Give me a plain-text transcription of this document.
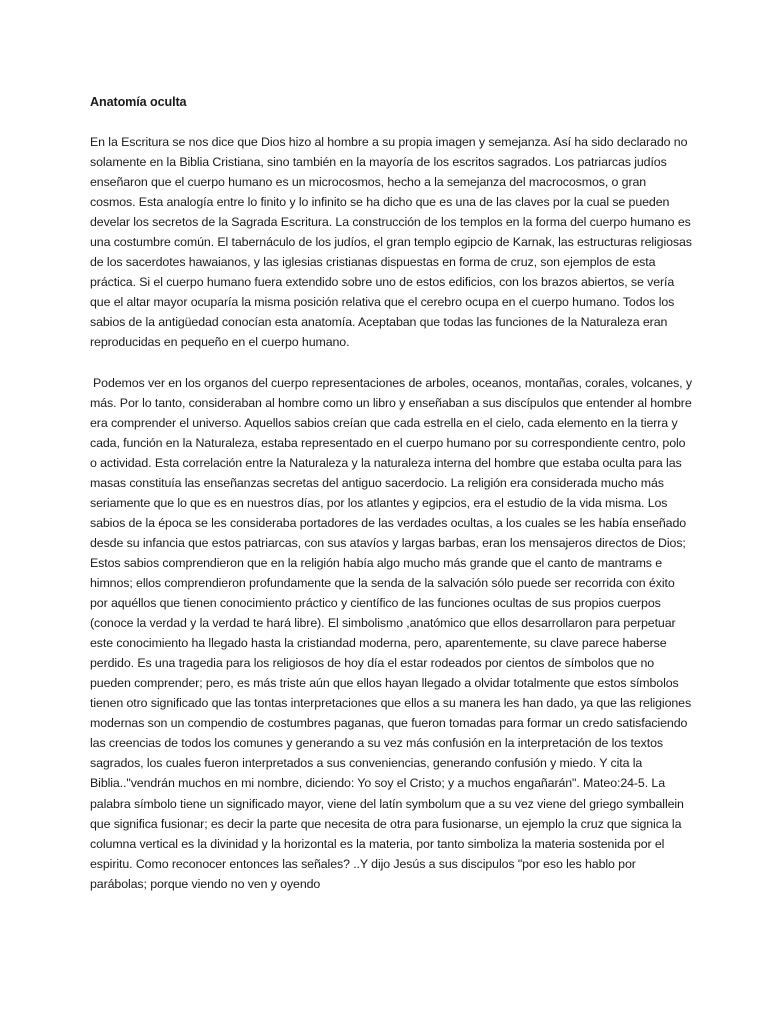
Anatomía oculta

En la Escritura se nos dice que Dios hizo al hombre a su propia imagen y semejanza. Así ha sido declarado no solamente en la Biblia Cristiana, sino también en la mayoría de los escritos sagrados. Los patriarcas judíos enseñaron que el cuerpo humano es un microcosmos, hecho a la semejanza del macrocosmos, o gran cosmos. Esta analogía entre lo finito y lo infinito se ha dicho que es una de las claves por la cual se pueden develar los secretos de la Sagrada Escritura. La construcción de los templos en la forma del cuerpo humano es una costumbre común. El tabernáculo de los judíos, el gran templo egipcio de Karnak, las estructuras religiosas de los sacerdotes hawaianos, y las iglesias cristianas dispuestas en forma de cruz, son ejemplos de esta práctica. Si el cuerpo humano fuera extendido sobre uno de estos edificios, con los brazos abiertos, se vería que el altar mayor ocuparía la misma posición relativa que el cerebro ocupa en el cuerpo humano. Todos los sabios de la antigüedad conocían esta anatomía. Aceptaban que todas las funciones de la Naturaleza eran reproducidas en pequeño en el cuerpo humano.

Podemos ver en los organos del cuerpo representaciones de arboles, oceanos, montañas, corales, volcanes, y más. Por lo tanto, consideraban al hombre como un libro y enseñaban a sus discípulos que entender al hombre era comprender el universo. Aquellos sabios creían que cada estrella en el cielo, cada elemento en la tierra y cada, función en la Naturaleza, estaba representado en el cuerpo humano por su correspondiente centro, polo o actividad. Esta correlación entre la Naturaleza y la naturaleza interna del hombre que estaba oculta para las masas constituía las enseñanzas secretas del antiguo sacerdocio. La religión era considerada mucho más seriamente que lo que es en nuestros días, por los atlantes y egipcios, era el estudio de la vida misma. Los sabios de la época se les consideraba portadores de las verdades ocultas, a los cuales se les había enseñado desde su infancia que estos patriarcas, con sus atavíos y largas barbas, eran los mensajeros directos de Dios; Estos sabios comprendieron que en la religión había algo mucho más grande que el canto de mantrams e himnos; ellos comprendieron profundamente que la senda de la salvación sólo puede ser recorrida con éxito por aquéllos que tienen conocimiento práctico y científico de las funciones ocultas de sus propios cuerpos (conoce la verdad y la verdad te hará libre). El simbolismo ,anatómico que ellos desarrollaron para perpetuar este conocimiento ha llegado hasta la cristiandad moderna, pero, aparentemente, su clave parece haberse perdido. Es una tragedia para los religiosos de hoy día el estar rodeados por cientos de símbolos que no pueden comprender; pero, es más triste aún que ellos hayan llegado a olvidar totalmente que estos símbolos tienen otro significado que las tontas interpretaciones que ellos a su manera les han dado, ya que las religiones modernas son un compendio de costumbres paganas, que fueron tomadas para formar un credo satisfaciendo las creencias de todos los comunes y generando a su vez más confusión en la interpretación de los textos sagrados, los cuales fueron interpretados a sus conveniencias, generando confusión y miedo. Y cita la Biblia.."vendrán muchos en mi nombre, diciendo: Yo soy el Cristo; y a muchos engañarán". Mateo:24-5. La palabra símbolo tiene un significado mayor, viene del latín symbolum que a su vez viene del griego symballein que significa fusionar; es decir la parte que necesita de otra para fusionarse, un ejemplo la cruz que signica la columna vertical es la divinidad y la horizontal es la materia, por tanto simboliza la materia sostenida por el espiritu. Como reconocer entonces las señales? ..Y dijo Jesús a sus discipulos "por eso les hablo por parábolas; porque viendo no ven y oyendo
